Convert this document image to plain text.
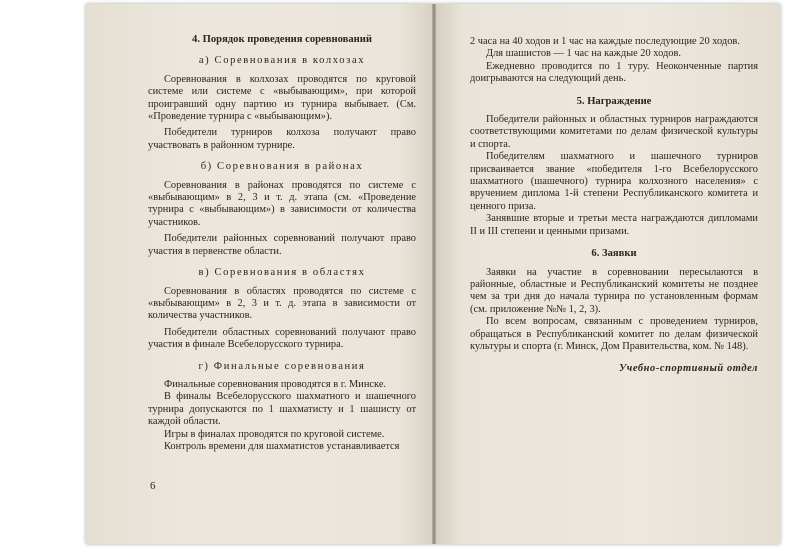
4. Порядок проведения соревнований
а) Соревнования в колхозах

Соревнования в колхозах проводятся по круговой системе или системе с «выбывающим», при которой проигравший одну партию из турнира выбывает. (См. «Проведение турнира с «выбывающим»).

Победители турниров колхоза получают право участвовать в районном турнире.

б) Соревнования в районах

Соревнования в районах проводятся по системе с «выбывающим» в 2, 3 и т. д. этапа (см. «Проведение турнира с «выбывающим») в зависимости от количества участников.

Победители районных соревнований получают право участия в первенстве области.

в) Соревнования в областях

Соревнования в областях проводятся по системе с «выбывающим» в 2, 3 и т. д. этапа в зависимости от количества участников.

Победители областных соревнований получают право участия в финале Всебелорусского турнира.

г) Финальные соревнования

Финальные соревнования проводятся в г. Минске.

В финалы Всебелорусского шахматного и шашечного турнира допускаются по 1 шахматисту и 1 шашисту от каждой области.

Игры в финалах проводятся по круговой системе.

Контроль времени для шахматистов устанавливается

6

2 часа на 40 ходов и 1 час на каждые последующие 20 ходов.

Для шашистов — 1 час на каждые 20 ходов.

Ежедневно проводится по 1 туру. Неоконченные партия доигрываются на следующий день.

5. Награждение

Победители районных и областных турниров награждаются соответствующими комитетами по делам физической культуры и спорта.

Победителям шахматного и шашечного турниров присваивается звание «победителя 1-го Всебелорусского шахматного (шашечного) турнира колхозного населения» с вручением диплома 1-й степени Республиканского комитета и ценного приза.

Занявшие вторые и третьи места награждаются дипломами II и III степени и ценными призами.

6. Заявки

Заявки на участие в соревновании пересылаются в районные, областные и Республиканский комитеты не позднее чем за три дня до начала турнира по установленным формам (см. приложение №№ 1, 2, 3).

По всем вопросам, связанным с проведением турниров, обращаться в Республиканский комитет по делам физической культуры и спорта (г. Минск, Дом Правительства, ком. № 148).

Учебно-спортивный отдел
